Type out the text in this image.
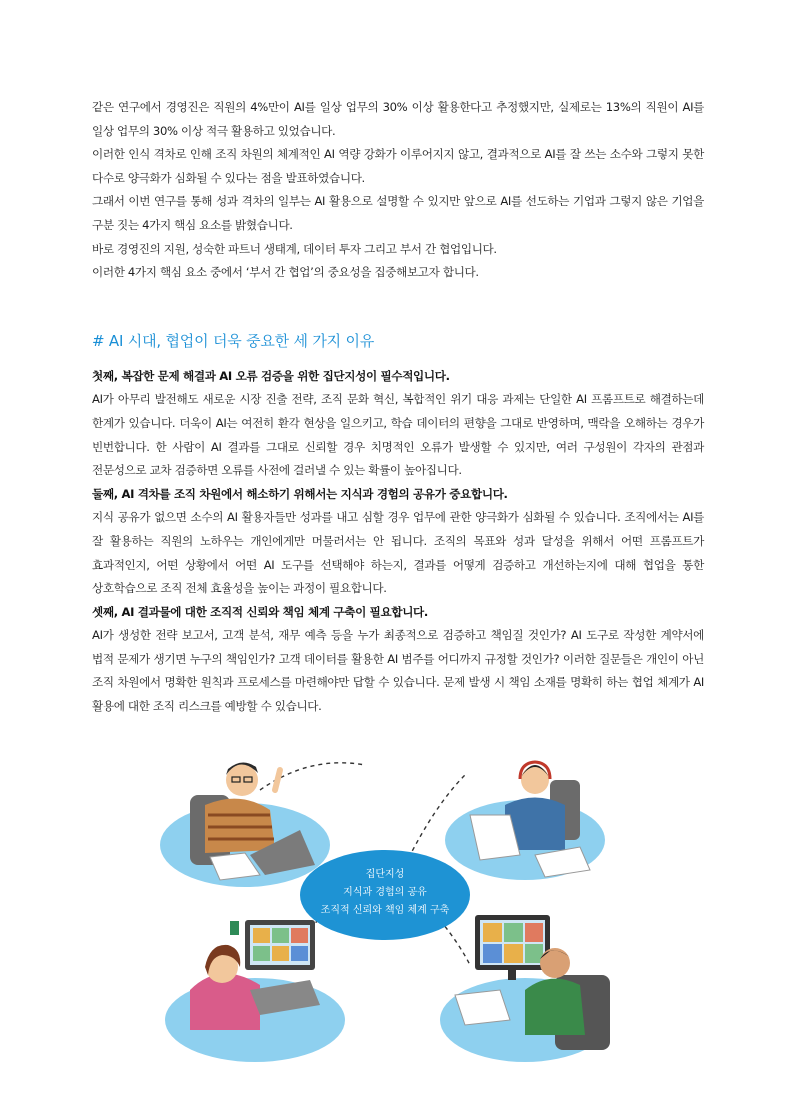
같은 연구에서 경영진은 직원의 4%만이 AI를 일상 업무의 30% 이상 활용한다고 추정했지만, 실제로는 13%의 직원이 AI를 일상 업무의 30% 이상 적극 활용하고 있었습니다.

이러한 인식 격차로 인해 조직 차원의 체계적인 AI 역량 강화가 이루어지지 않고, 결과적으로 AI를 잘 쓰는 소수와 그렇지 못한 다수로 양극화가 심화될 수 있다는 점을 발표하였습니다.

그래서 이번 연구를 통해 성과 격차의 일부는 AI 활용으로 설명할 수 있지만 앞으로 AI를 선도하는 기업과 그렇지 않은 기업을 구분 짓는 4가지 핵심 요소를 밝혔습니다.

바로 경영진의 지원, 성숙한 파트너 생태계, 데이터 투자 그리고 부서 간 협업입니다.

이러한 4가지 핵심 요소 중에서 ‘부서 간 협업’의 중요성을 집중해보고자 합니다.

# AI 시대, 협업이 더욱 중요한 세 가지 이유

첫째, 복잡한 문제 해결과 AI 오류 검증을 위한 집단지성이 필수적입니다.

AI가 아무리 발전해도 새로운 시장 진출 전략, 조직 문화 혁신, 복합적인 위기 대응 과제는 단일한 AI 프롬프트로 해결하는데 한계가 있습니다. 더욱이 AI는 여전히 환각 현상을 일으키고, 학습 데이터의 편향을 그대로 반영하며, 맥락을 오해하는 경우가 빈번합니다. 한 사람이 AI 결과를 그대로 신뢰할 경우 치명적인 오류가 발생할 수 있지만, 여러 구성원이 각자의 관점과 전문성으로 교차 검증하면 오류를 사전에 걸러낼 수 있는 확률이 높아집니다.

둘째, AI 격차를 조직 차원에서 해소하기 위해서는 지식과 경험의 공유가 중요합니다.

지식 공유가 없으면 소수의 AI 활용자들만 성과를 내고 심할 경우 업무에 관한 양극화가 심화될 수 있습니다. 조직에서는 AI를 잘 활용하는 직원의 노하우는 개인에게만 머물러서는 안 됩니다. 조직의 목표와 성과 달성을 위해서 어떤 프롬프트가 효과적인지, 어떤 상황에서 어떤 AI 도구를 선택해야 하는지, 결과를 어떻게 검증하고 개선하는지에 대해 협업을 통한 상호학습으로 조직 전체 효율성을 높이는 과정이 필요합니다.

셋째, AI 결과물에 대한 조직적 신뢰와 책임 체계 구축이 필요합니다.

AI가 생성한 전략 보고서, 고객 분석, 재무 예측 등을 누가 최종적으로 검증하고 책임질 것인가? AI 도구로 작성한 계약서에 법적 문제가 생기면 누구의 책임인가? 고객 데이터를 활용한 AI 범주를 어디까지 규정할 것인가? 이러한 질문들은 개인이 아닌 조직 차원에서 명확한 원칙과 프로세스를 마련해야만 답할 수 있습니다. 문제 발생 시 책임 소재를 명확히 하는 협업 체계가 AI 활용에 대한 조직 리스크를 예방할 수 있습니다.

집단지성
지식과 경험의 공유
조직적 신뢰와 책임 체계 구축
